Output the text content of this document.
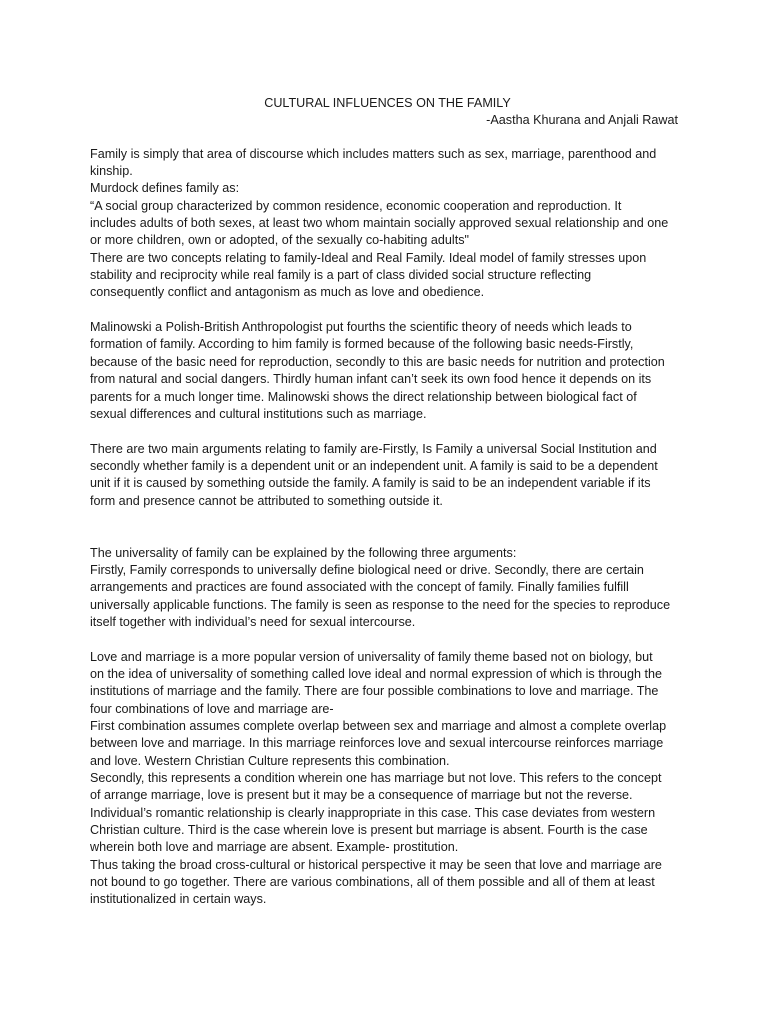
CULTURAL INFLUENCES ON THE FAMILY
-Aastha Khurana and Anjali Rawat
Family is simply that area of discourse which includes matters such as sex, marriage, parenthood and
kinship.
Murdock defines family as:
“A social group characterized by common residence, economic cooperation and reproduction. It
includes adults of both sexes, at least two whom maintain socially approved sexual relationship and one
or more children, own or adopted, of the sexually co-habiting adults"
There are two concepts relating to family-Ideal and Real Family. Ideal model of family stresses upon
stability and reciprocity while real family is a part of class divided social structure reflecting
consequently conflict and antagonism as much as love and obedience.
Malinowski a Polish-British Anthropologist put fourths the scientific theory of needs which leads to
formation of family. According to him family is formed because of the following basic needs-Firstly,
because of the basic need for reproduction, secondly to this are basic needs for nutrition and protection
from natural and social dangers. Thirdly human infant can’t seek its own food hence it depends on its
parents for a much longer time. Malinowski shows the direct relationship between biological fact of
sexual differences and cultural institutions such as marriage.
There are two main arguments relating to family are-Firstly, Is Family a universal Social Institution and
secondly whether family is a dependent unit or an independent unit. A family is said to be a dependent
unit if it is caused by something outside the family. A family is said to be an independent variable if its
form and presence cannot be attributed to something outside it.
The universality of family can be explained by the following three arguments:
Firstly, Family corresponds to universally define biological need or drive. Secondly, there are certain
arrangements and practices are found associated with the concept of family. Finally families fulfill
universally applicable functions. The family is seen as response to the need for the species to reproduce
itself together with individual’s need for sexual intercourse.
Love and marriage is a more popular version of universality of family theme based not on biology, but
on the idea of universality of something called love ideal and normal expression of which is through the
institutions of marriage and the family. There are four possible combinations to love and marriage. The
four combinations of love and marriage are-
First combination assumes complete overlap between sex and marriage and almost a complete overlap
between love and marriage. In this marriage reinforces love and sexual intercourse reinforces marriage
and love. Western Christian Culture represents this combination.
Secondly, this represents a condition wherein one has marriage but not love. This refers to the concept
of arrange marriage, love is present but it may be a consequence of marriage but not the reverse.
Individual’s romantic relationship is clearly inappropriate in this case. This case deviates from western
Christian culture. Third is the case wherein love is present but marriage is absent. Fourth is the case
wherein both love and marriage are absent. Example- prostitution.
Thus taking the broad cross-cultural or historical perspective it may be seen that love and marriage are
not bound to go together. There are various combinations, all of them possible and all of them at least
institutionalized in certain ways.
